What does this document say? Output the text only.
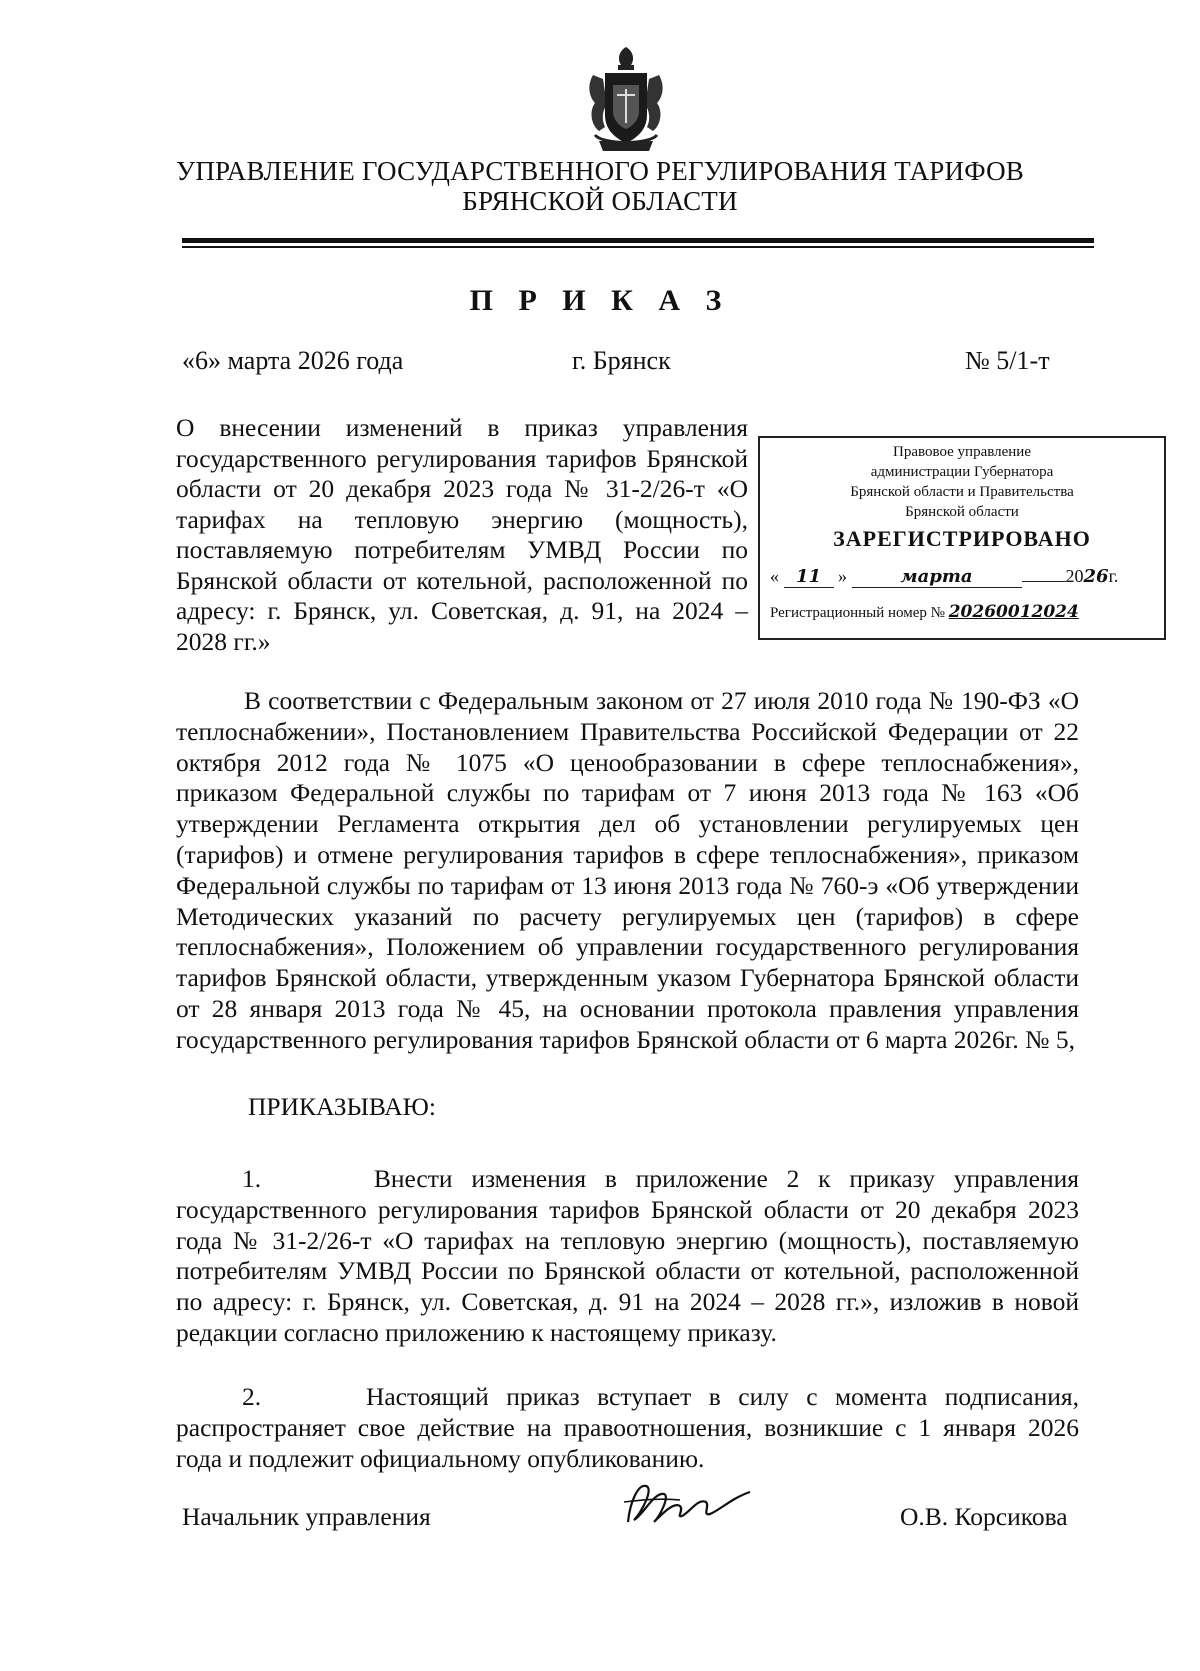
УПРАВЛЕНИЕ ГОСУДАРСТВЕННОГО РЕГУЛИРОВАНИЯ ТАРИФОВ
БРЯНСКОЙ ОБЛАСТИ
П Р И К А З
«6» марта 2026 года	г. Брянск	№ 5/1-т
О внесении изменений в приказ управления государственного регулирования тарифов Брянской области от 20 декабря 2023 года № 31-2/26-т «О тарифах на тепловую энергию (мощность), поставляемую потребителям УМВД России по Брянской области от котельной, расположенной по адресу: г. Брянск, ул. Советская, д. 91, на 2024 – 2028 гг.»
Правовое управление
администрации Губернатора
Брянской области и Правительства
Брянской области
ЗАРЕГИСТРИРОВАНО
« 11 »	марта	2026г.
Регистрационный номер № 20260012024
В соответствии с Федеральным законом от 27 июля 2010 года № 190-ФЗ «О теплоснабжении», Постановлением Правительства Российской Федерации от 22 октября 2012 года № 1075 «О ценообразовании в сфере теплоснабжения», приказом Федеральной службы по тарифам от 7 июня 2013 года № 163 «Об утверждении Регламента открытия дел об установлении регулируемых цен (тарифов) и отмене регулирования тарифов в сфере теплоснабжения», приказом Федеральной службы по тарифам от 13 июня 2013 года № 760-э «Об утверждении Методических указаний по расчету регулируемых цен (тарифов) в сфере теплоснабжения», Положением об управлении государственного регулирования тарифов Брянской области, утвержденным указом Губернатора Брянской области от 28 января 2013 года № 45, на основании протокола правления управления государственного регулирования тарифов Брянской области от 6 марта 2026г. № 5,
ПРИКАЗЫВАЮ:
1.	Внести изменения в приложение 2 к приказу управления государственного регулирования тарифов Брянской области от 20 декабря 2023 года № 31-2/26-т «О тарифах на тепловую энергию (мощность), поставляемую потребителям УМВД России по Брянской области от котельной, расположенной по адресу: г. Брянск, ул. Советская, д. 91 на 2024 – 2028 гг.», изложив в новой редакции согласно приложению к настоящему приказу.
2.	Настоящий приказ вступает в силу с момента подписания, распространяет свое действие на правоотношения, возникшие с 1 января 2026 года и подлежит официальному опубликованию.
Начальник управления	О.В. Корсикова
